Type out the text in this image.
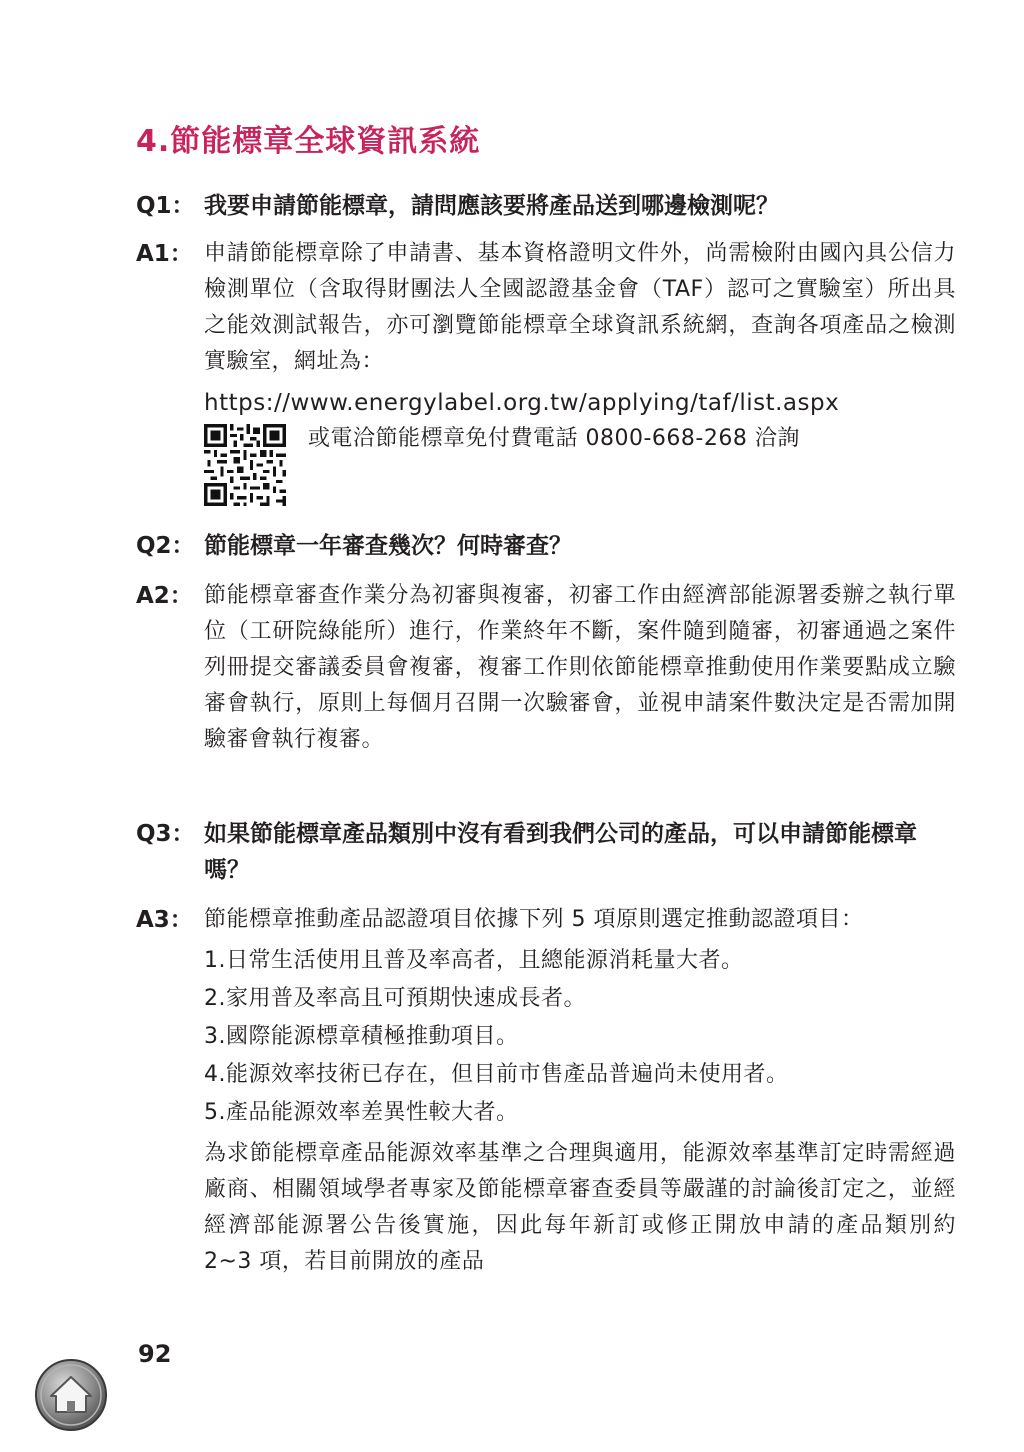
4.節能標章全球資訊系統
Q1： 我要申請節能標章，請問應該要將產品送到哪邊檢測呢？
A1： 申請節能標章除了申請書、基本資格證明文件外，尚需檢附由國內具公信力檢測單位（含取得財團法人全國認證基金會（TAF）認可之實驗室）所出具之能效測試報告，亦可瀏覽節能標章全球資訊系統網，查詢各項產品之檢測實驗室，網址為：

https://www.energylabel.org.tw/applying/taf/list.aspx
或電洽節能標章免付費電話 0800-668-268 洽詢
Q2： 節能標章一年審查幾次？何時審查？
A2： 節能標章審查作業分為初審與複審，初審工作由經濟部能源署委辦之執行單位（工研院綠能所）進行，作業終年不斷，案件隨到隨審，初審通過之案件列冊提交審議委員會複審，複審工作則依節能標章推動使用作業要點成立驗審會執行，原則上每個月召開一次驗審會，並視申請案件數決定是否需加開驗審會執行複審。
Q3： 如果節能標章產品類別中沒有看到我們公司的產品，可以申請節能標章嗎？
A3： 節能標章推動產品認證項目依據下列 5 項原則選定推動認證項目：

1.日常生活使用且普及率高者，且總能源消耗量大者。
2.家用普及率高且可預期快速成長者。
3.國際能源標章積極推動項目。
4.能源效率技術已存在，但目前市售產品普遍尚未使用者。
5.產品能源效率差異性較大者。

為求節能標章產品能源效率基準之合理與適用，能源效率基準訂定時需經過廠商、相關領域學者專家及節能標章審查委員等嚴謹的討論後訂定之，並經經濟部能源署公告後實施，因此每年新訂或修正開放申請的產品類別約 2~3 項，若目前開放的產品

92
